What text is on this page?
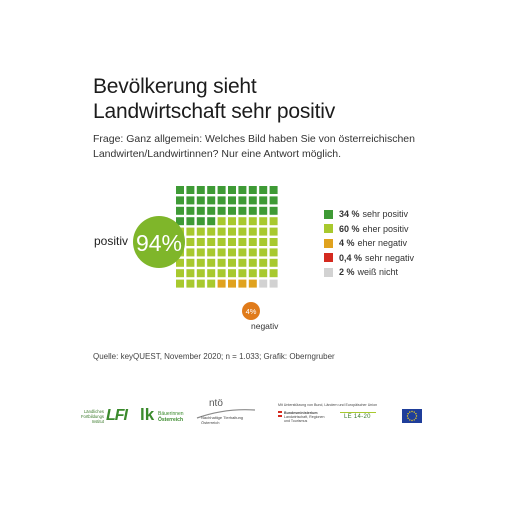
Bevölkerung sieht
Landwirtschaft sehr positiv
Frage: Ganz allgemein: Welches Bild haben Sie von österreichischen Landwirten/Landwirtinnen? Nur eine Antwort möglich.
94%
4%
positiv
negativ
34 % sehr positiv
60 % eher positiv
4 % eher negativ
0,4 % sehr negativ
2 % weiß nicht
Quelle: keyQUEST, November 2020; n = 1.033; Grafik: Oberngruber
Ländliches
Fortbildungs
Institut LFI lk Bäuerinnen
Österreich
ntö
Nachhaltige Tierhaltung
Österreich
Mit Unterstützung von Bund, Ländern und Europäischer Union
Bundesministerium
Landwirtschaft, Regionen
und Tourismus
LE 14-20
